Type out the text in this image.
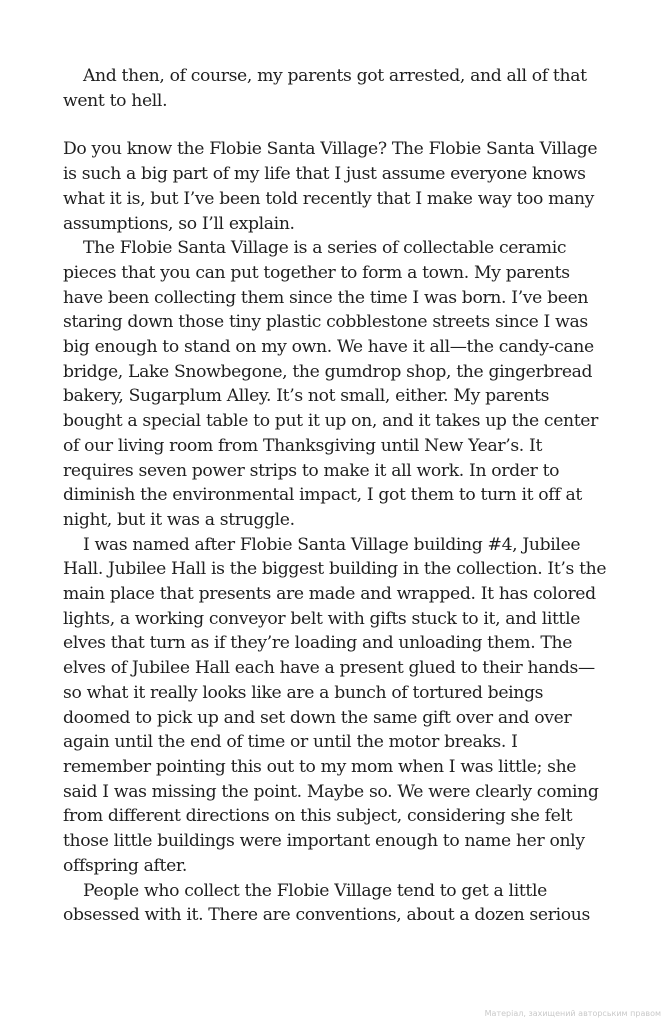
And then, of course, my parents got arrested, and all of that went to hell.

Do you know the Flobie Santa Village? The Flobie Santa Village is such a big part of my life that I just assume everyone knows what it is, but I’ve been told recently that I make way too many assumptions, so I’ll explain.

The Flobie Santa Village is a series of collectable ceramic pieces that you can put together to form a town. My parents have been collecting them since the time I was born. I’ve been staring down those tiny plastic cobblestone streets since I was big enough to stand on my own. We have it all—the candy-cane bridge, Lake Snowbegone, the gumdrop shop, the gingerbread bakery, Sugarplum Alley. It’s not small, either. My parents bought a special table to put it up on, and it takes up the center of our living room from Thanksgiving until New Year’s. It requires seven power strips to make it all work. In order to diminish the environmental impact, I got them to turn it off at night, but it was a struggle.

I was named after Flobie Santa Village building #4, Jubilee Hall. Jubilee Hall is the biggest building in the collection. It’s the main place that presents are made and wrapped. It has colored lights, a working conveyor belt with gifts stuck to it, and little elves that turn as if they’re loading and unloading them. The elves of Jubilee Hall each have a present glued to their hands—so what it really looks like are a bunch of tortured beings doomed to pick up and set down the same gift over and over again until the end of time or until the motor breaks. I remember pointing this out to my mom when I was little; she said I was missing the point. Maybe so. We were clearly coming from different directions on this subject, considering she felt those little buildings were important enough to name her only offspring after.

People who collect the Flobie Village tend to get a little obsessed with it. There are conventions, about a dozen serious

Матеріал, захищений авторським правом
